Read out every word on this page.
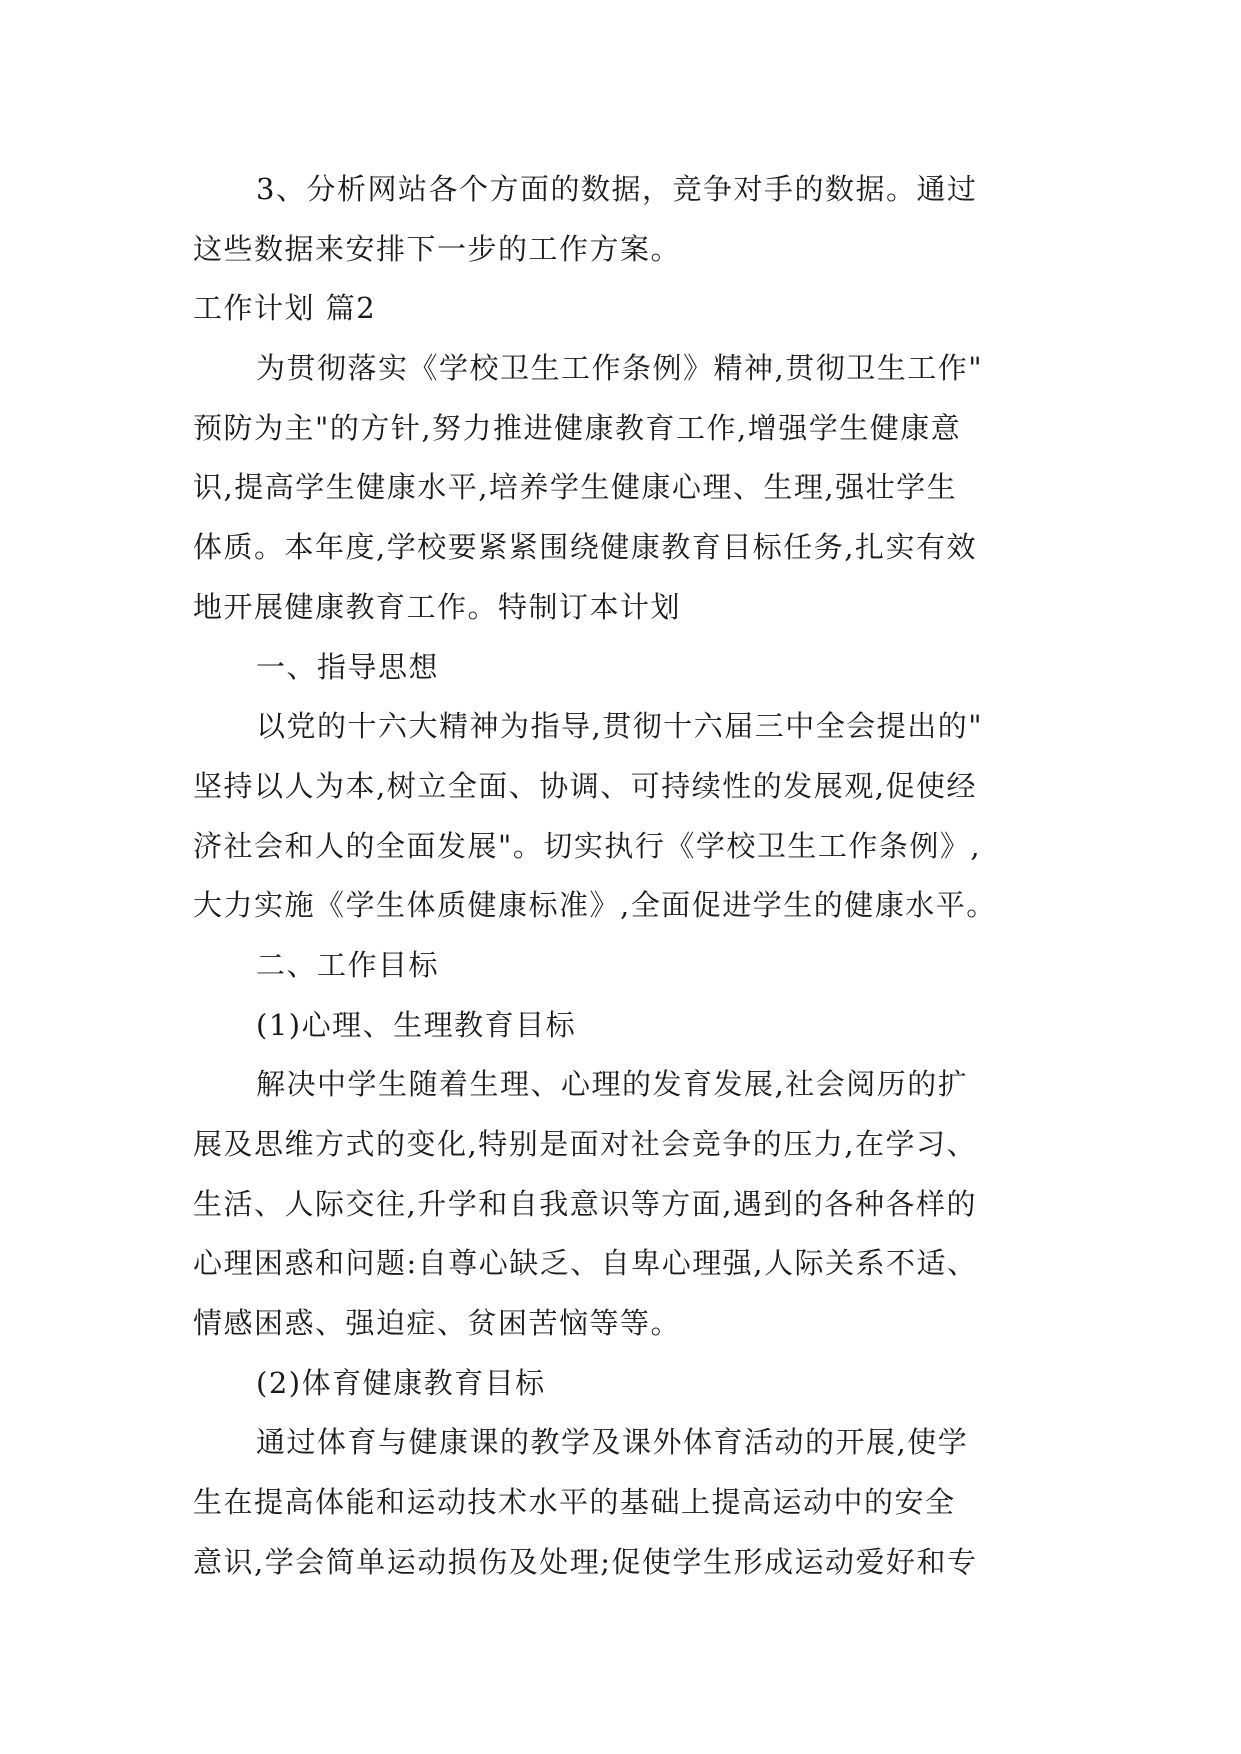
3、分析网站各个方面的数据，竞争对手的数据。通过
这些数据来安排下一步的工作方案。
工作计划 篇2
为贯彻落实《学校卫生工作条例》精神,贯彻卫生工作"
预防为主"的方针,努力推进健康教育工作,增强学生健康意
识,提高学生健康水平,培养学生健康心理、生理,强壮学生
体质。本年度,学校要紧紧围绕健康教育目标任务,扎实有效
地开展健康教育工作。特制订本计划
一、指导思想
以党的十六大精神为指导,贯彻十六届三中全会提出的"
坚持以人为本,树立全面、协调、可持续性的发展观,促使经
济社会和人的全面发展"。切实执行《学校卫生工作条例》,
大力实施《学生体质健康标准》,全面促进学生的健康水平。
二、工作目标
(1)心理、生理教育目标
解决中学生随着生理、心理的发育发展,社会阅历的扩
展及思维方式的变化,特别是面对社会竞争的压力,在学习、
生活、人际交往,升学和自我意识等方面,遇到的各种各样的
心理困惑和问题:自尊心缺乏、自卑心理强,人际关系不适、
情感困惑、强迫症、贫困苦恼等等。
(2)体育健康教育目标
通过体育与健康课的教学及课外体育活动的开展,使学
生在提高体能和运动技术水平的基础上提高运动中的安全
意识,学会简单运动损伤及处理;促使学生形成运动爱好和专
